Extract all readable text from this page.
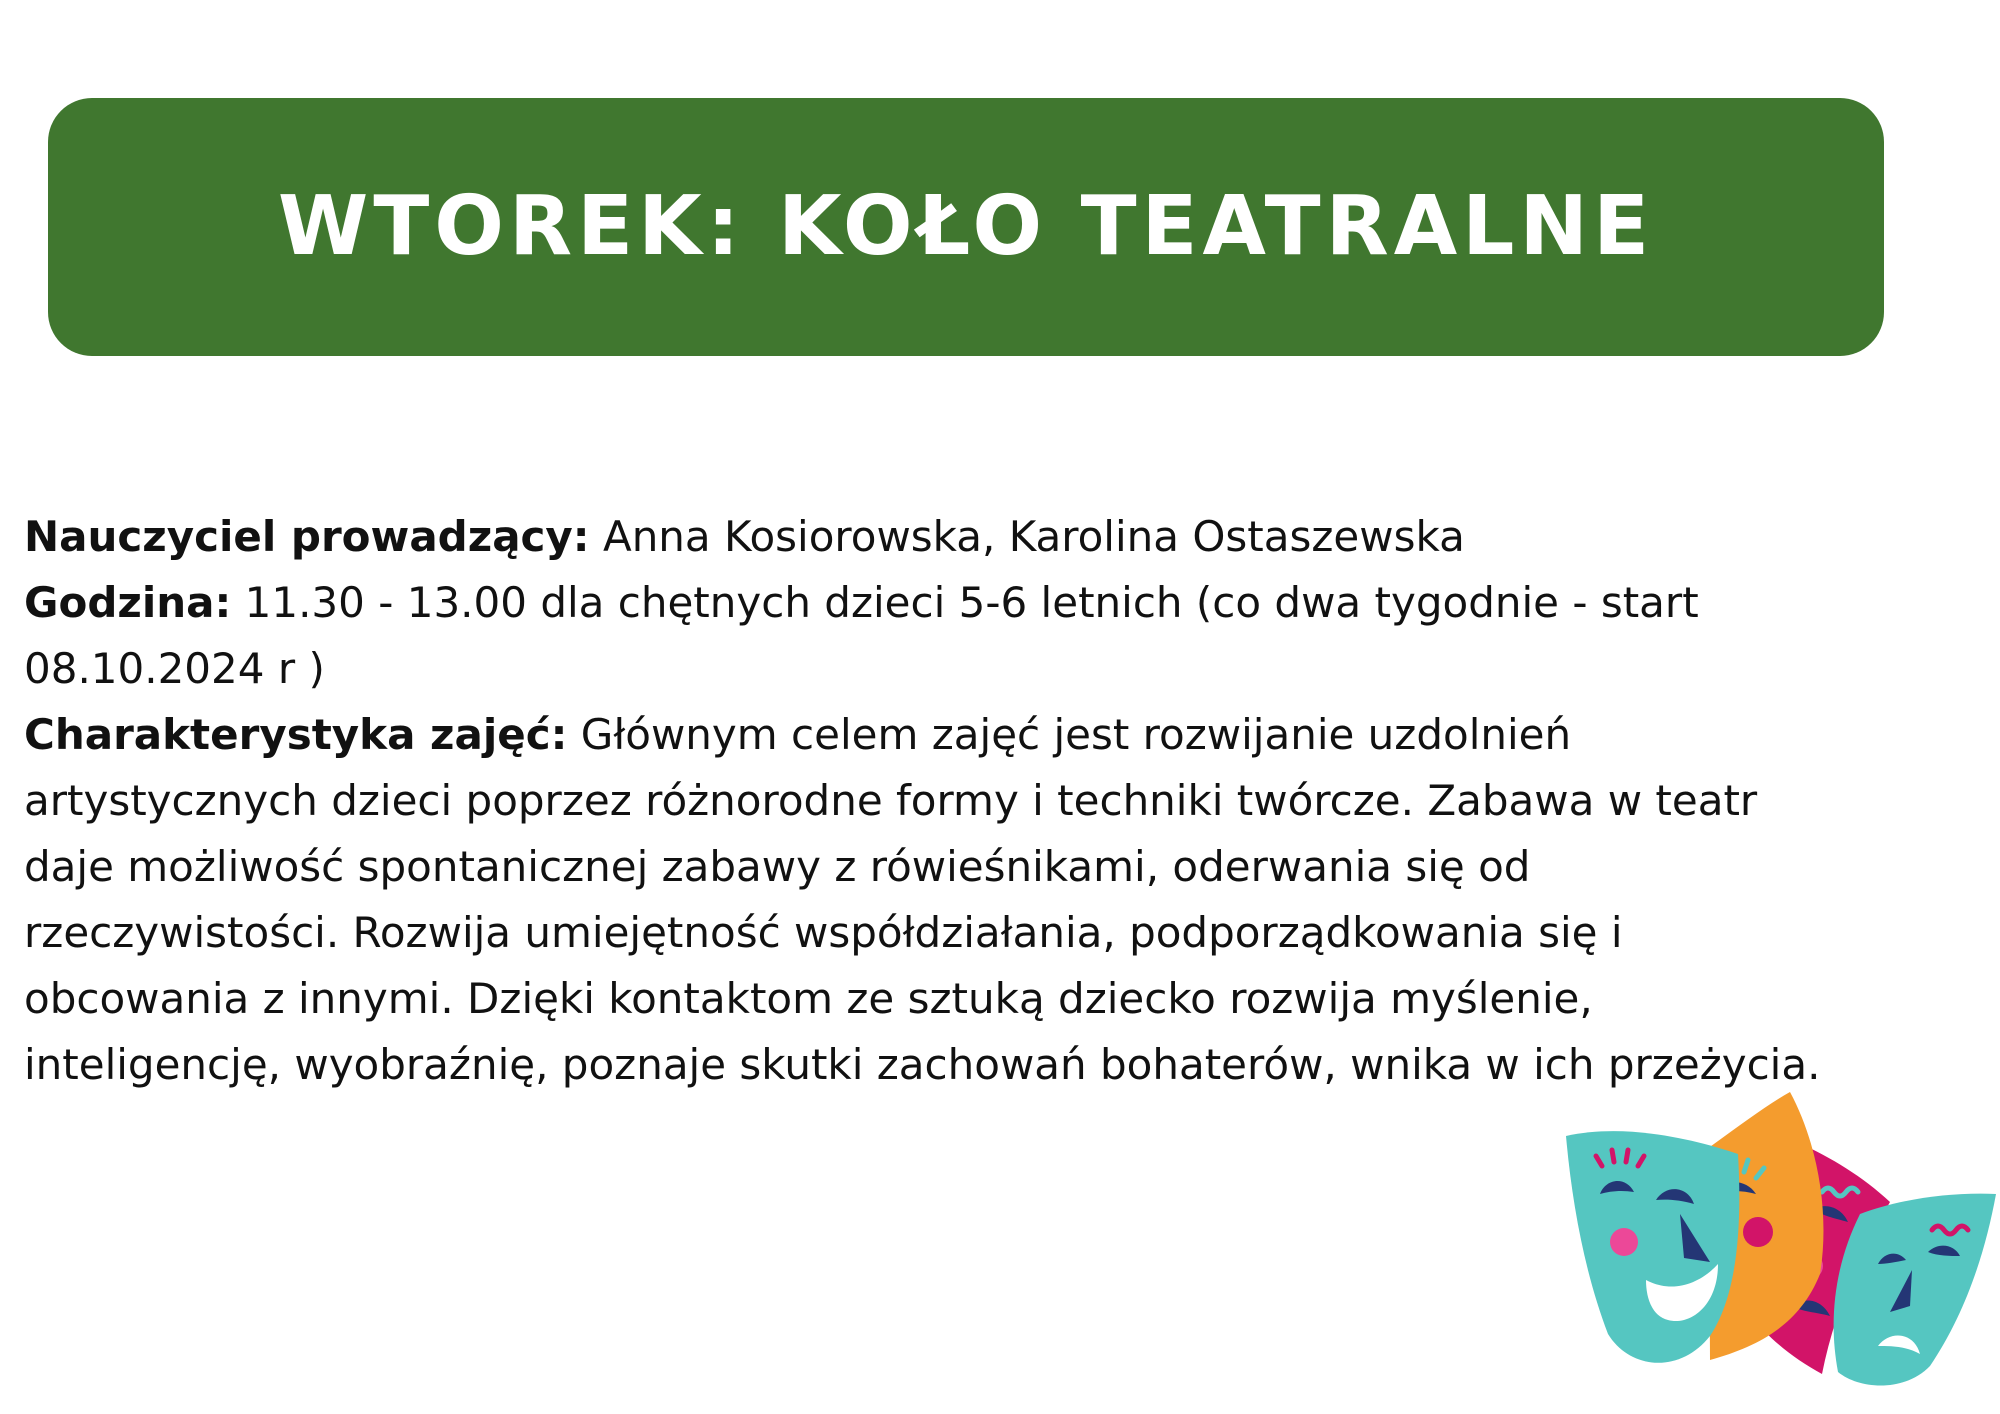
WTOREK: KOŁO TEATRALNE

Nauczyciel prowadzący: Anna Kosiorowska, Karolina Ostaszewska

Godzina: 11.30 - 13.00 dla chętnych dzieci 5-6 letnich (co dwa tygodnie - start 08.10.2024 r )

Charakterystyka zajęć: Głównym celem zajęć jest rozwijanie uzdolnień artystycznych dzieci poprzez różnorodne formy i techniki twórcze. Zabawa w teatr daje możliwość spontanicznej zabawy z rówieśnikami, oderwania się od rzeczywistości. Rozwija umiejętność współdziałania, podporządkowania się i obcowania z innymi. Dzięki kontaktom ze sztuką dziecko rozwija myślenie, inteligencję, wyobraźnię, poznaje skutki zachowań bohaterów, wnika w ich przeżycia.
